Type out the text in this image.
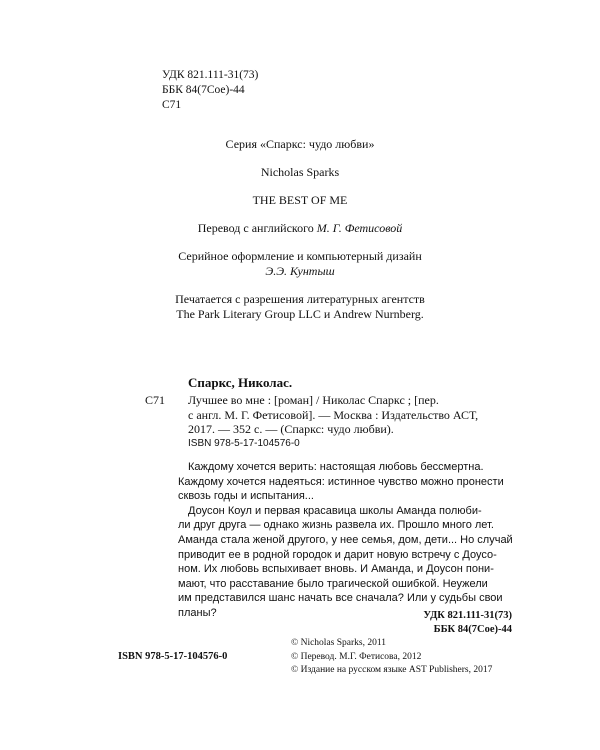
УДК 821.111-31(73)
ББК 84(7Сое)-44
С71
Серия «Спаркс: чудо любви»
Nicholas Sparks
THE BEST OF ME
Перевод с английского М. Г. Фетисовой
Серийное оформление и компьютерный дизайн
Э.Э. Кунтыш
Печатается с разрешения литературных агентств
The Park Literary Group LLC и Andrew Nurnberg.
Спаркс, Николас.
С71 Лучшее во мне : [роман] / Николас Спаркс ; [пер.
с англ. М. Г. Фетисовой]. — Москва : Издательство АСТ,
2017. — 352 с. — (Спаркс: чудо любви).
ISBN 978-5-17-104576-0
Каждому хочется верить: настоящая любовь бессмертна.
Каждому хочется надеяться: истинное чувство можно пронести
сквозь годы и испытания...
Доусон Коул и первая красавица школы Аманда полюби-
ли друг друга — однако жизнь развела их. Прошло много лет.
Аманда стала женой другого, у нее семья, дом, дети... Но случай
приводит ее в родной городок и дарит новую встречу с Доусо-
ном. Их любовь вспыхивает вновь. И Аманда, и Доусон пони-
мают, что расставание было трагической ошибкой. Неужели
им представился шанс начать все сначала? Или у судьбы свои
планы?	УДК 821.111-31(73)
ББК 84(7Сое)-44
ISBN 978-5-17-104576-0
© Nicholas Sparks, 2011
© Перевод. М.Г. Фетисова, 2012
© Издание на русском языке AST Publishers, 2017
